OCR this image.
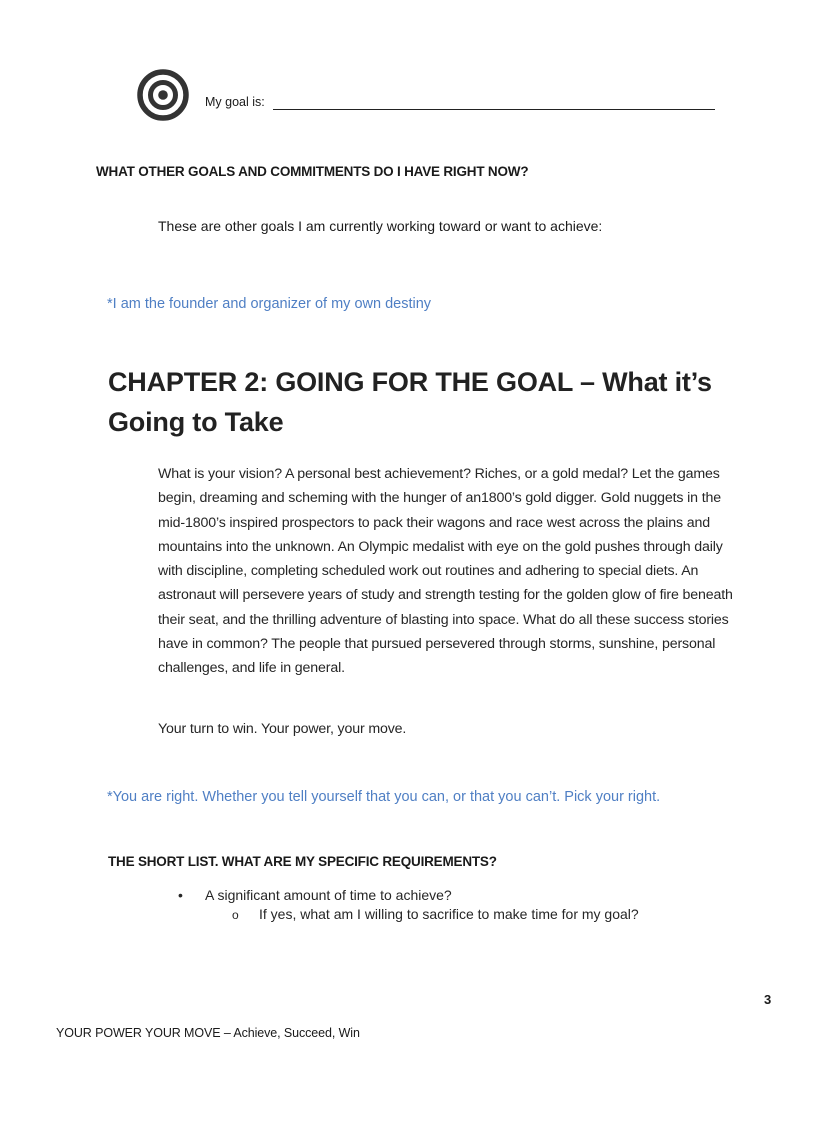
My goal is:
WHAT OTHER GOALS AND COMMITMENTS DO I HAVE RIGHT NOW?
These are other goals I am currently working toward or want to achieve:
*I am the founder and organizer of my own destiny
CHAPTER 2: GOING FOR THE GOAL – What it’s Going to Take
What is your vision? A personal best achievement? Riches, or a gold medal? Let the games begin, dreaming and scheming with the hunger of an1800’s gold digger. Gold nuggets in the mid-1800’s inspired prospectors to pack their wagons and race west across the plains and mountains into the unknown. An Olympic medalist with eye on the gold pushes through daily with discipline, completing scheduled work out routines and adhering to special diets. An astronaut will persevere years of study and strength testing for the golden glow of fire beneath their seat, and the thrilling adventure of blasting into space. What do all these success stories have in common? The people that pursued persevered through storms, sunshine, personal challenges, and life in general.
Your turn to win. Your power, your move.
*You are right. Whether you tell yourself that you can, or that you can’t. Pick your right.
THE SHORT LIST. WHAT ARE MY SPECIFIC REQUIREMENTS?
•	A significant amount of time to achieve?
o	If yes, what am I willing to sacrifice to make time for my goal?
3
YOUR POWER YOUR MOVE – Achieve, Succeed, Win
